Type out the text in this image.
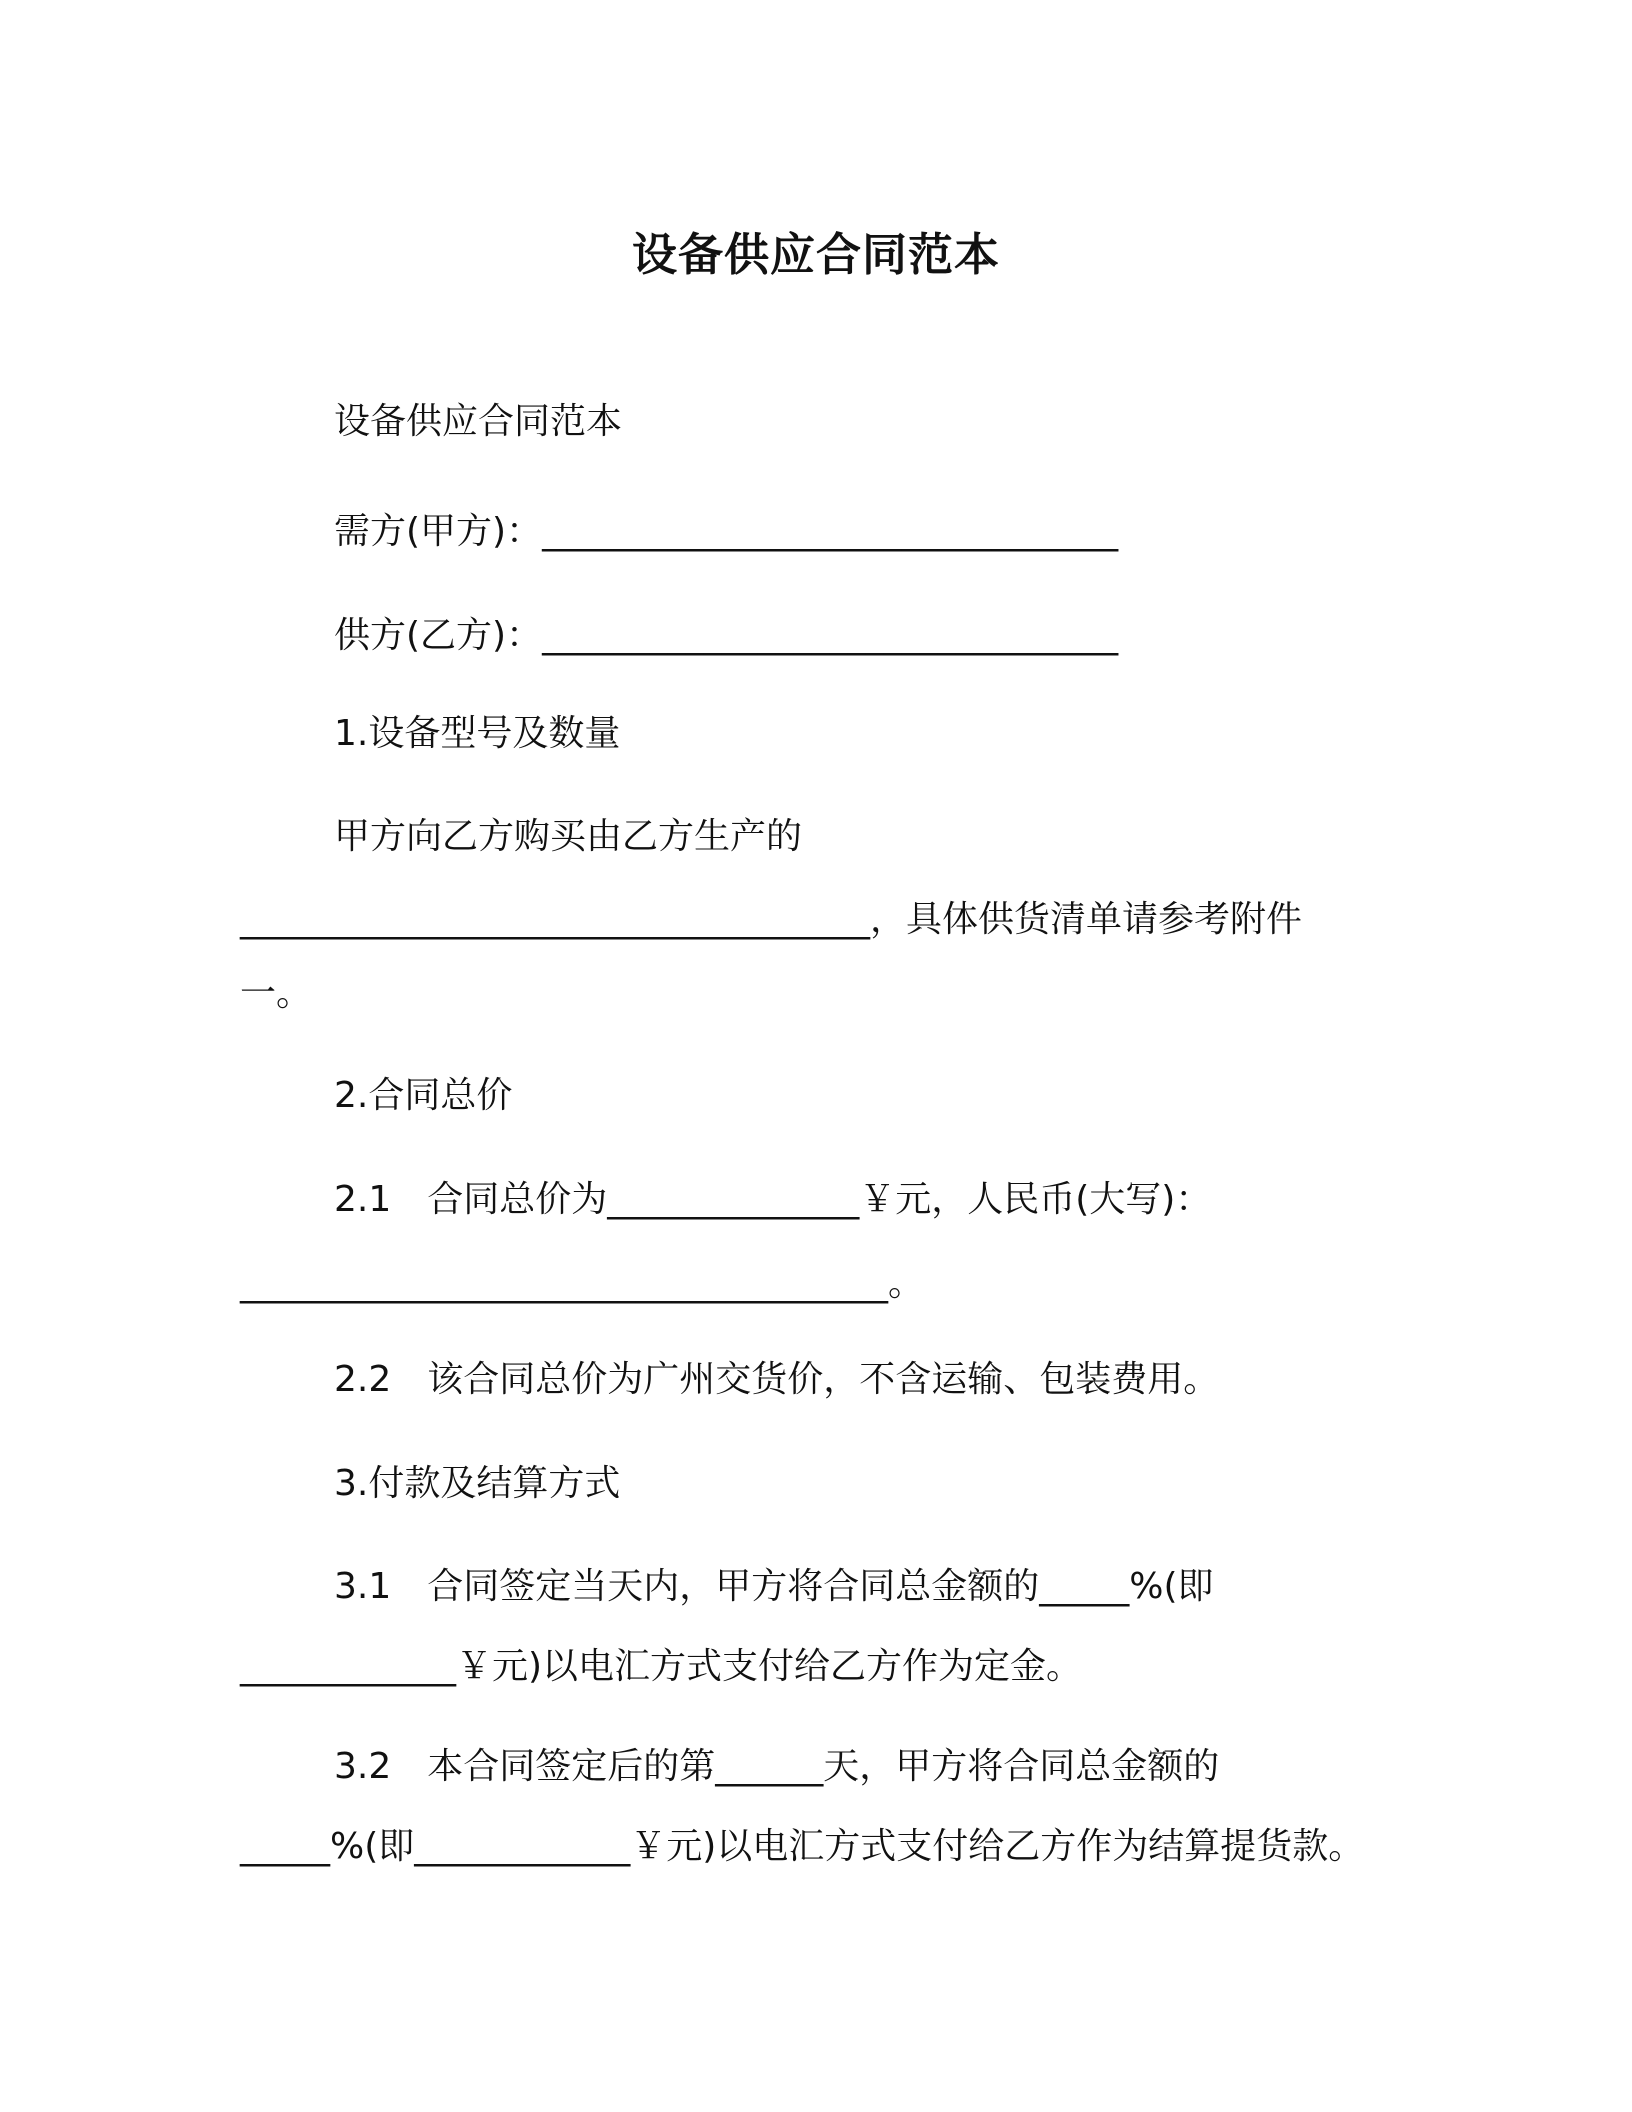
设备供应合同范本
设备供应合同范本
需方(甲方)：________________________________
供方(乙方)：________________________________
1.设备型号及数量
甲方向乙方购买由乙方生产的
___________________________________，具体供货清单请参考附件
一。
2.合同总价
2.1　合同总价为______________￥元，人民币(大写)：
____________________________________。
2.2　该合同总价为广州交货价，不含运输、包装费用。
3.付款及结算方式
3.1　合同签定当天内，甲方将合同总金额的_____%(即
____________￥元)以电汇方式支付给乙方作为定金。
3.2　本合同签定后的第______天，甲方将合同总金额的
_____%(即____________￥元)以电汇方式支付给乙方作为结算提货款。
